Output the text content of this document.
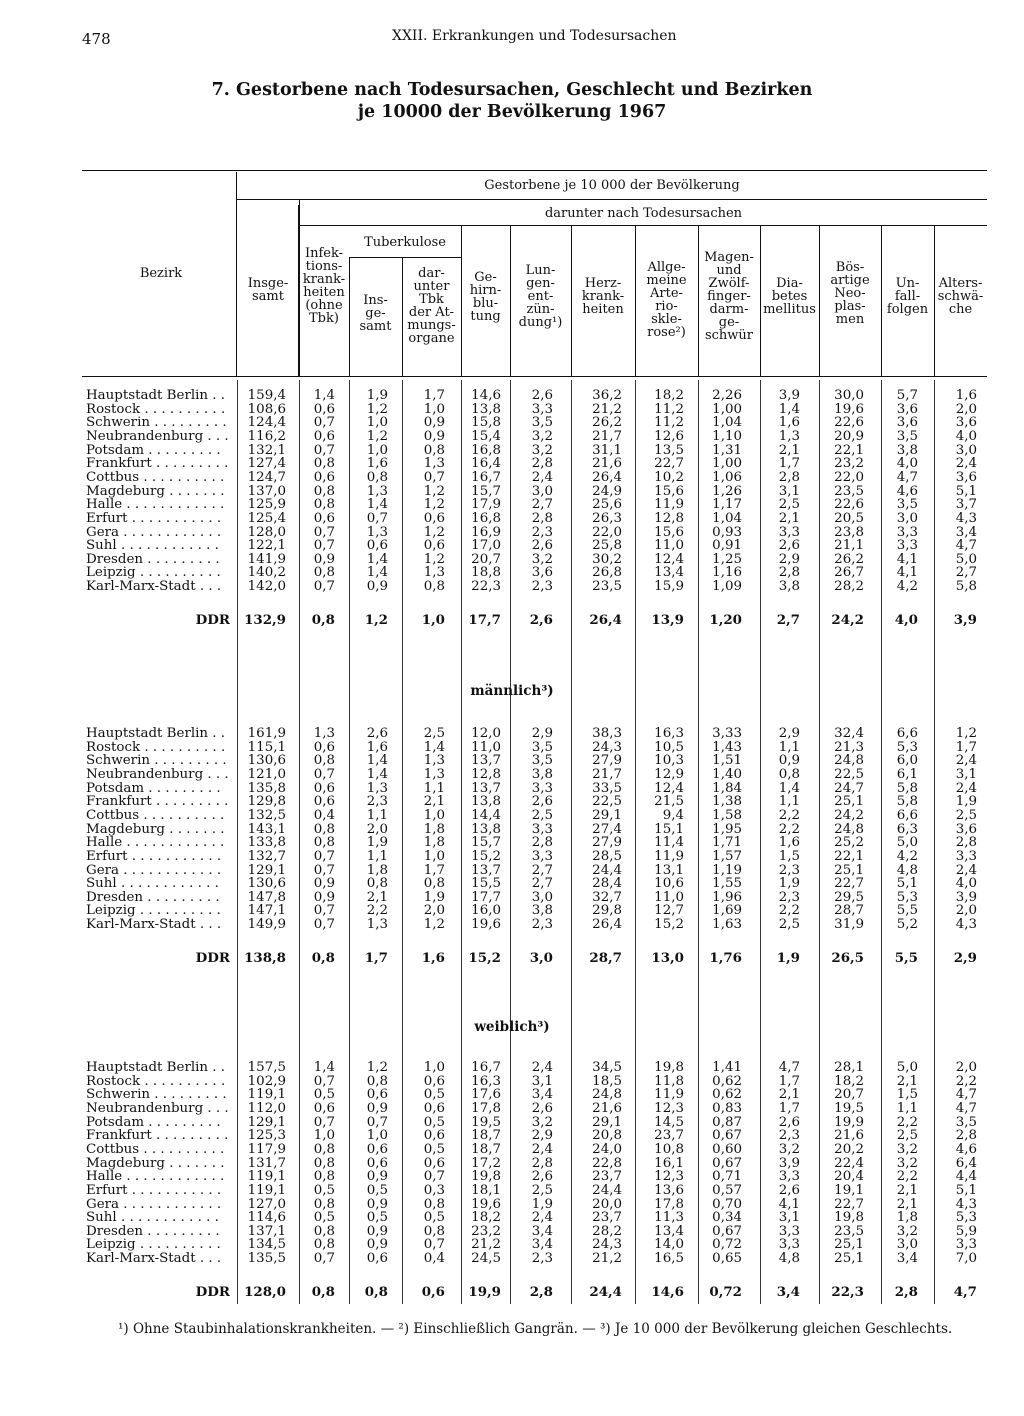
478	XXII. Erkrankungen und Todesursachen
7. Gestorbene nach Todesursachen, Geschlecht und Bezirken
je 10000 der Bevölkerung 1967
Gestorbene je 10 000 der Bevölkerung
darunter nach Todesursachen
Tuberkulose
Bezirk
Insge-
samt
Infek-
tions-
krank-
heiten
(ohne
Tbk)
Ins-
ge-
samt
dar-
unter
Tbk
der At-
mungs-
organe
Ge-
hirn-
blu-
tung
Lun-
gen-
ent-
zün-
dung¹)
Herz-
krank-
heiten
Allge-
meine
Arte-
rio-
skle-
rose²)
Magen-
und
Zwölf-
finger-
darm-
ge-
schwür
Dia-
betes
mellitus
Bös-
artige
Neo-
plas-
men
Un-
fall-
folgen
Alters-
schwä-
che
Hauptstadt Berlin . .	159,4	1,4	1,9	1,7	14,6	2,6	36,2	18,2	2,26	3,9	30,0	5,7	1,6
Rostock . . . . . . . . . .	108,6	0,6	1,2	1,0	13,8	3,3	21,2	11,2	1,00	1,4	19,6	3,6	2,0
Schwerin . . . . . . . . .	124,4	0,7	1,0	0,9	15,8	3,5	26,2	11,2	1,04	1,6	22,6	3,6	3,6
Neubrandenburg . . .	116,2	0,6	1,2	0,9	15,4	3,2	21,7	12,6	1,10	1,3	20,9	3,5	4,0
Potsdam . . . . . . . . .	132,1	0,7	1,0	0,8	16,8	3,2	31,1	13,5	1,31	2,1	22,1	3,8	3,0
Frankfurt . . . . . . . . .	127,4	0,8	1,6	1,3	16,4	2,8	21,6	22,7	1,00	1,7	23,2	4,0	2,4
Cottbus . . . . . . . . . .	124,7	0,6	0,8	0,7	16,7	2,4	26,4	10,2	1,06	2,8	22,0	4,7	3,6
Magdeburg . . . . . . .	137,0	0,8	1,3	1,2	15,7	3,0	24,9	15,6	1,26	3,1	23,5	4,6	5,1
Halle . . . . . . . . . . . .	125,9	0,8	1,4	1,2	17,9	2,7	25,6	11,9	1,17	2,5	22,6	3,5	3,7
Erfurt . . . . . . . . . . .	125,4	0,6	0,7	0,6	16,8	2,8	26,3	12,8	1,04	2,1	20,5	3,0	4,3
Gera . . . . . . . . . . . .	128,0	0,7	1,3	1,2	16,9	2,3	22,0	15,6	0,93	3,3	23,8	3,3	3,4
Suhl . . . . . . . . . . . .	122,1	0,7	0,6	0,6	17,0	2,6	25,8	11,0	0,91	2,6	21,1	3,3	4,7
Dresden . . . . . . . . .	141,9	0,9	1,4	1,2	20,7	3,2	30,2	12,4	1,25	2,9	26,2	4,1	5,0
Leipzig . . . . . . . . . .	140,2	0,8	1,4	1,3	18,8	3,6	26,8	13,4	1,16	2,8	26,7	4,1	2,7
Karl-Marx-Stadt . . .	142,0	0,7	0,9	0,8	22,3	2,3	23,5	15,9	1,09	3,8	28,2	4,2	5,8
DDR	132,9	0,8	1,2	1,0	17,7	2,6	26,4	13,9	1,20	2,7	24,2	4,0	3,9
männlich³)
Hauptstadt Berlin . .	161,9	1,3	2,6	2,5	12,0	2,9	38,3	16,3	3,33	2,9	32,4	6,6	1,2
Rostock . . . . . . . . . .	115,1	0,6	1,6	1,4	11,0	3,5	24,3	10,5	1,43	1,1	21,3	5,3	1,7
Schwerin . . . . . . . . .	130,6	0,8	1,4	1,3	13,7	3,5	27,9	10,3	1,51	0,9	24,8	6,0	2,4
Neubrandenburg . . .	121,0	0,7	1,4	1,3	12,8	3,8	21,7	12,9	1,40	0,8	22,5	6,1	3,1
Potsdam . . . . . . . . .	135,8	0,6	1,3	1,1	13,7	3,3	33,5	12,4	1,84	1,4	24,7	5,8	2,4
Frankfurt . . . . . . . . .	129,8	0,6	2,3	2,1	13,8	2,6	22,5	21,5	1,38	1,1	25,1	5,8	1,9
Cottbus . . . . . . . . . .	132,5	0,4	1,1	1,0	14,4	2,5	29,1	9,4	1,58	2,2	24,2	6,6	2,5
Magdeburg . . . . . . .	143,1	0,8	2,0	1,8	13,8	3,3	27,4	15,1	1,95	2,2	24,8	6,3	3,6
Halle . . . . . . . . . . . .	133,8	0,8	1,9	1,8	15,7	2,8	27,9	11,4	1,71	1,6	25,2	5,0	2,8
Erfurt . . . . . . . . . . .	132,7	0,7	1,1	1,0	15,2	3,3	28,5	11,9	1,57	1,5	22,1	4,2	3,3
Gera . . . . . . . . . . . .	129,1	0,7	1,8	1,7	13,7	2,7	24,4	13,1	1,19	2,3	25,1	4,8	2,4
Suhl . . . . . . . . . . . .	130,6	0,9	0,8	0,8	15,5	2,7	28,4	10,6	1,55	1,9	22,7	5,1	4,0
Dresden . . . . . . . . .	147,8	0,9	2,1	1,9	17,7	3,0	32,7	11,0	1,96	2,3	29,5	5,3	3,9
Leipzig . . . . . . . . . .	147,1	0,7	2,2	2,0	16,0	3,8	29,8	12,7	1,69	2,2	28,7	5,5	2,0
Karl-Marx-Stadt . . .	149,9	0,7	1,3	1,2	19,6	2,3	26,4	15,2	1,63	2,5	31,9	5,2	4,3
DDR	138,8	0,8	1,7	1,6	15,2	3,0	28,7	13,0	1,76	1,9	26,5	5,5	2,9
weiblich³)
Hauptstadt Berlin . .	157,5	1,4	1,2	1,0	16,7	2,4	34,5	19,8	1,41	4,7	28,1	5,0	2,0
Rostock . . . . . . . . . .	102,9	0,7	0,8	0,6	16,3	3,1	18,5	11,8	0,62	1,7	18,2	2,1	2,2
Schwerin . . . . . . . . .	119,1	0,5	0,6	0,5	17,6	3,4	24,8	11,9	0,62	2,1	20,7	1,5	4,7
Neubrandenburg . . .	112,0	0,6	0,9	0,6	17,8	2,6	21,6	12,3	0,83	1,7	19,5	1,1	4,7
Potsdam . . . . . . . . .	129,1	0,7	0,7	0,5	19,5	3,2	29,1	14,5	0,87	2,6	19,9	2,2	3,5
Frankfurt . . . . . . . . .	125,3	1,0	1,0	0,6	18,7	2,9	20,8	23,7	0,67	2,3	21,6	2,5	2,8
Cottbus . . . . . . . . . .	117,9	0,8	0,6	0,5	18,7	2,4	24,0	10,8	0,60	3,2	20,2	3,2	4,6
Magdeburg . . . . . . .	131,7	0,8	0,6	0,6	17,2	2,8	22,8	16,1	0,67	3,9	22,4	3,2	6,4
Halle . . . . . . . . . . . .	119,1	0,8	0,9	0,7	19,8	2,6	23,7	12,3	0,71	3,3	20,4	2,2	4,4
Erfurt . . . . . . . . . . .	119,1	0,5	0,5	0,3	18,1	2,5	24,4	13,6	0,57	2,6	19,1	2,1	5,1
Gera . . . . . . . . . . . .	127,0	0,8	0,9	0,8	19,6	1,9	20,0	17,8	0,70	4,1	22,7	2,1	4,3
Suhl . . . . . . . . . . . .	114,6	0,5	0,5	0,5	18,2	2,4	23,7	11,3	0,34	3,1	19,8	1,8	5,3
Dresden . . . . . . . . .	137,1	0,8	0,9	0,8	23,2	3,4	28,2	13,4	0,67	3,3	23,5	3,2	5,9
Leipzig . . . . . . . . . .	134,5	0,8	0,9	0,7	21,2	3,4	24,3	14,0	0,72	3,3	25,1	3,0	3,3
Karl-Marx-Stadt . . .	135,5	0,7	0,6	0,4	24,5	2,3	21,2	16,5	0,65	4,8	25,1	3,4	7,0
DDR	128,0	0,8	0,8	0,6	19,9	2,8	24,4	14,6	0,72	3,4	22,3	2,8	4,7
¹) Ohne Staubinhalationskrankheiten. — ²) Einschließlich Gangrän. — ³) Je 10 000 der Bevölkerung gleichen Geschlechts.
